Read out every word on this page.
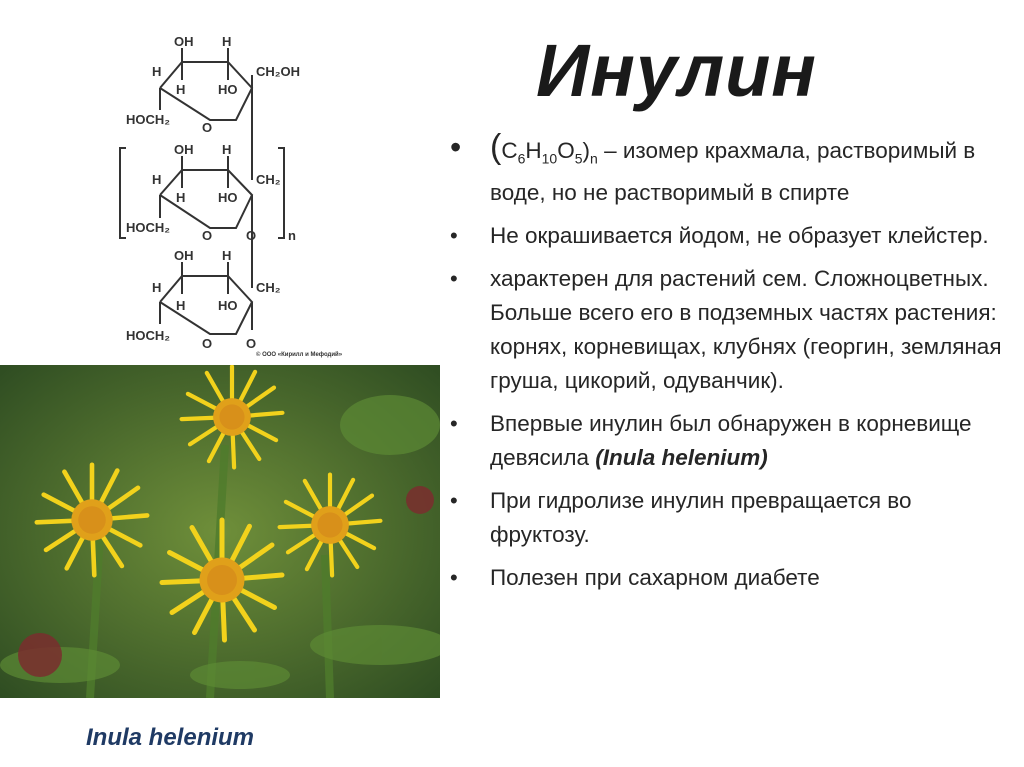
OH H
H
H	HO
CH₂OH
HOCH₂
O
OH H
H
H	HO
CH₂
HOCH₂
O	O n
OH H
H
H	HO
CH₂
HOCH₂
O	O
© ООО «Кирилл и Мефодий»
Inula helenium
Инулин
• $(C_6H_{10}O_5)_n$ – изомер крахмала, растворимый в воде, но не растворимый в спирте
• Не окрашивается йодом, не образует клейстер.
• характерен для растений сем. Сложноцветных. Больше всего его в подземных частях растения: корнях, корневищах, клубнях (георгин, земляная груша, цикорий, одуванчик).
• Впервые инулин был обнаружен в корневище девясила (Inula helenium)
• При гидролизе инулин превращается во фруктозу.
• Полезен при сахарном диабете
